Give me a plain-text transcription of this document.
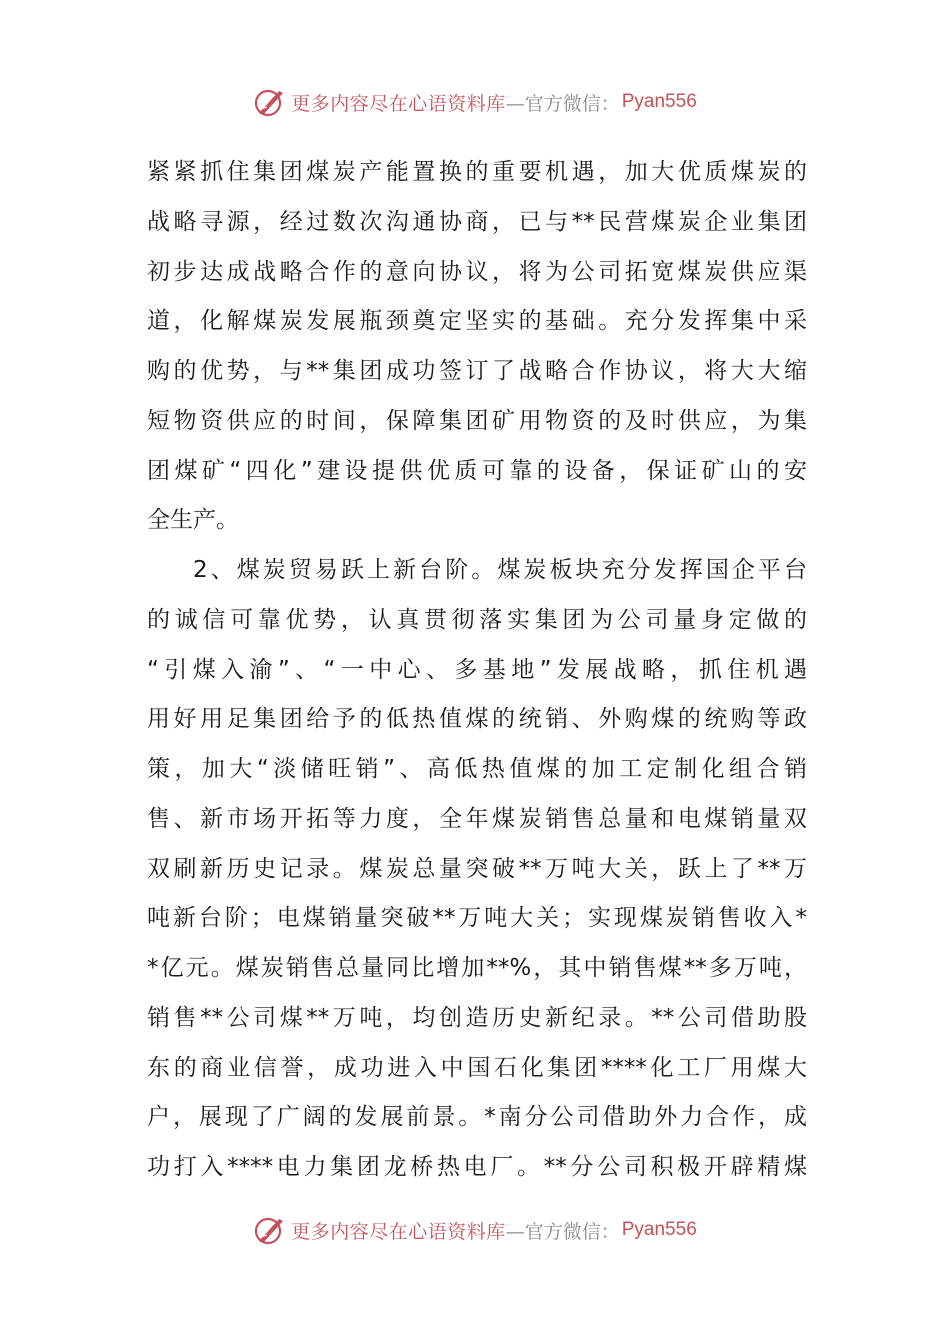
更多内容尽在心语资料库 —官方微信： Pyan556
紧紧抓住集团煤炭产能置换的重要机遇，加大优质煤炭的
战略寻源，经过数次沟通协商，已与**民营煤炭企业集团
初步达成战略合作的意向协议，将为公司拓宽煤炭供应渠
道，化解煤炭发展瓶颈奠定坚实的基础。充分发挥集中采
购的优势，与**集团成功签订了战略合作协议，将大大缩
短物资供应的时间，保障集团矿用物资的及时供应，为集
团煤矿“四化”建设提供优质可靠的设备，保证矿山的安
全生产。
2、煤炭贸易跃上新台阶。煤炭板块充分发挥国企平台
的诚信可靠优势，认真贯彻落实集团为公司量身定做的
“引煤入渝”、“一中心、多基地”发展战略，抓住机遇
用好用足集团给予的低热值煤的统销、外购煤的统购等政
策，加大“淡储旺销”、高低热值煤的加工定制化组合销
售、新市场开拓等力度，全年煤炭销售总量和电煤销量双
双刷新历史记录。煤炭总量突破**万吨大关，跃上了**万
吨新台阶；电煤销量突破**万吨大关；实现煤炭销售收入*
*亿元。煤炭销售总量同比增加**%，其中销售煤**多万吨，
销售**公司煤**万吨，均创造历史新纪录。**公司借助股
东的商业信誉，成功进入中国石化集团****化工厂用煤大
户，展现了广阔的发展前景。*南分公司借助外力合作，成
功打入****电力集团龙桥热电厂。**分公司积极开辟精煤
更多内容尽在心语资料库 —官方微信： Pyan556
